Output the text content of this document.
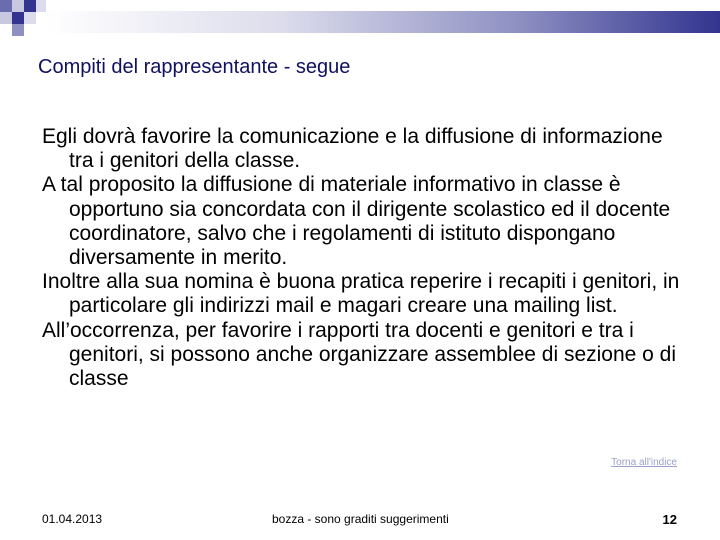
Compiti del rappresentante - segue

Egli dovrà favorire la comunicazione e la diffusione di informazione tra i genitori della classe.

A tal proposito la diffusione di materiale informativo in classe è opportuno sia concordata con il dirigente scolastico ed il docente coordinatore, salvo che i regolamenti di istituto dispongano diversamente in merito.

Inoltre alla sua nomina è buona pratica reperire i recapiti i genitori, in particolare gli indirizzi mail e magari creare una mailing list.

All’occorrenza, per favorire i rapporti tra docenti e genitori e tra i genitori, si possono anche organizzare assemblee di sezione o di classe

Torna all'indice
01.04.2013	bozza - sono graditi suggerimenti	12
